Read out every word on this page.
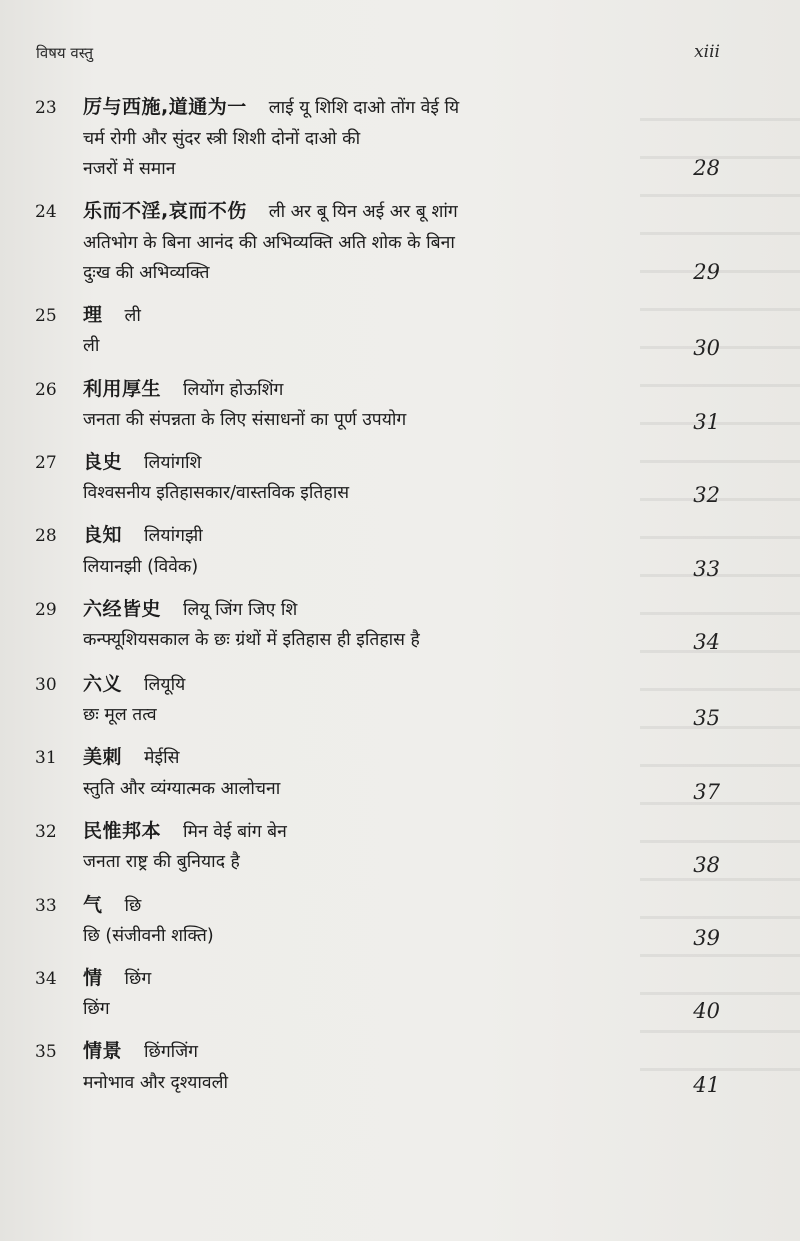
विषय वस्तु	xiii
23 厉与西施,道通为一 लाई यू शिशि दाओ तोंग वेई यि
चर्म रोगी और सुंदर स्त्री शिशी दोनों दाओ की
नजरों में समान	28
24 乐而不淫,哀而不伤 ली अर बू यिन अई अर बू शांग
अतिभोग के बिना आनंद की अभिव्यक्ति अति शोक के बिना
दुःख की अभिव्यक्ति	29
25 理 ली
ली	30
26 利用厚生 लियोंग होऊशिंग
जनता की संपन्नता के लिए संसाधनों का पूर्ण उपयोग	31
27 良史 लियांगशि
विश्वसनीय इतिहासकार/वास्तविक इतिहास	32
28 良知 लियांगझी
लियानझी (विवेक)	33
29 六经皆史 लियू जिंग जिए शि
कन्फ्यूशियसकाल के छः ग्रंथों में इतिहास ही इतिहास है	34
30 六义 लियूयि
छः मूल तत्व	35
31 美刺 मेईसि
स्तुति और व्यंग्यात्मक आलोचना	37
32 民惟邦本 मिन वेई बांग बेन
जनता राष्ट्र की बुनियाद है	38
33 气 छि
छि (संजीवनी शक्ति)	39
34 情 छिंग
छिंग	40
35 情景 छिंगजिंग
मनोभाव और दृश्यावली	41
